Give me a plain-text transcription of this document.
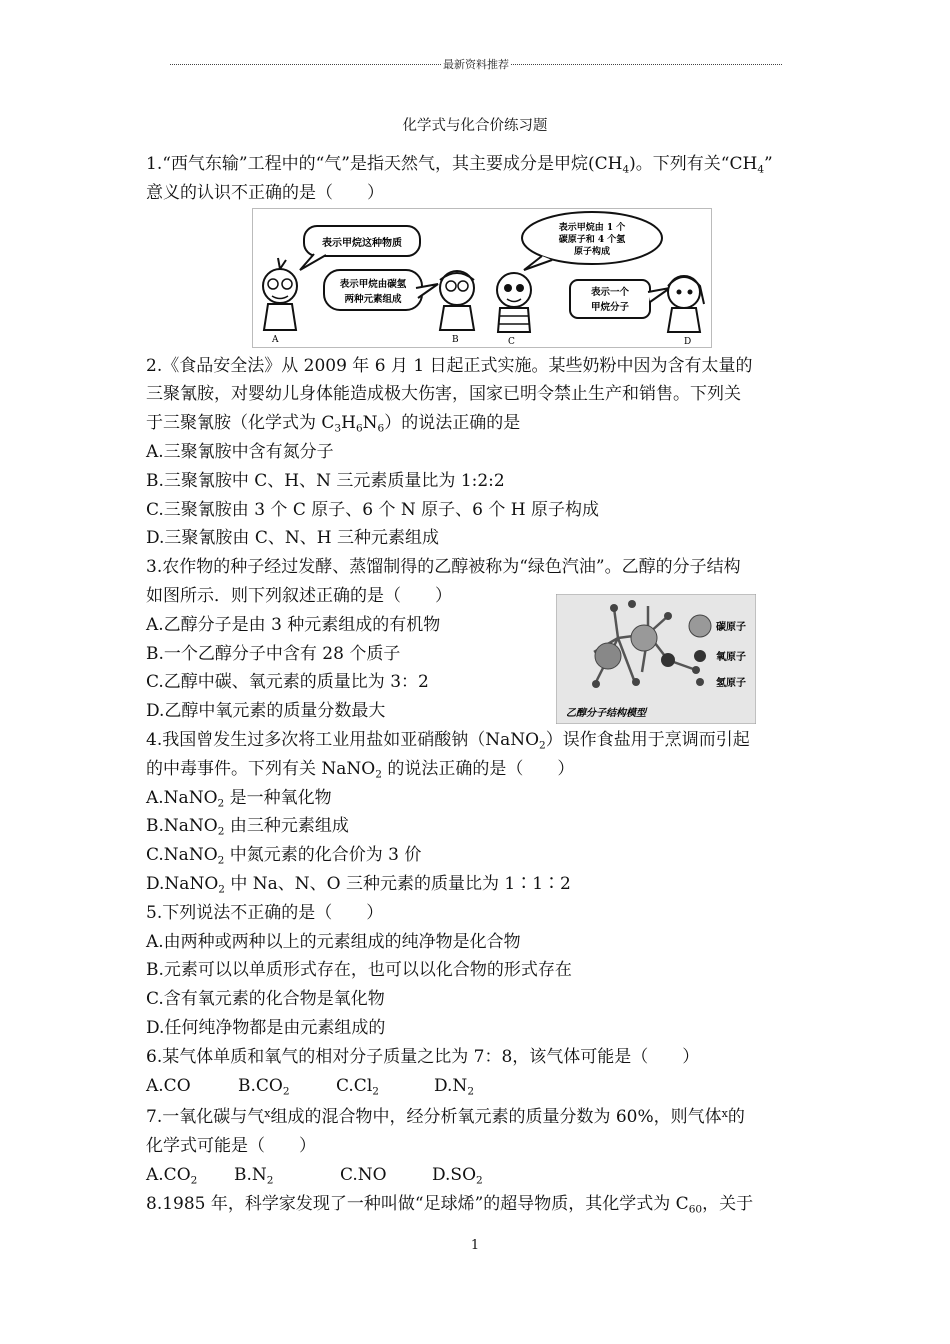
最新资料推荐
化学式与化合价练习题

1.“西气东输”工程中的“气”是指天然气，其主要成分是甲烷$(CH_4)$。下列有关“$CH_4$”

意义的认识不正确的是（　　）

表示甲烷这种物质
A
表示甲烷由碳氢
两种元素组成
B
表示甲烷由 1 个
碳原子和 4 个氢
原子构成
C
表示一个
甲烷分子
D

2.《食品安全法》从 2009 年 6 月 1 日起正式实施。某些奶粉中因为含有太量的

三聚氰胺，对婴幼儿身体能造成极大伤害，国家已明令禁止生产和销售。下列关

于三聚氰胺（化学式为 $C_3H_6N_6$）的说法正确的是

A.三聚氰胺中含有氮分子

B.三聚氰胺中 C、H、N 三元素质量比为 1:2:2

C.三聚氰胺由 3 个 C 原子、6 个 N 原子、6 个 H 原子构成

D.三聚氰胺由 C、N、H 三种元素组成

3.农作物的种子经过发酵、蒸馏制得的乙醇被称为“绿色汽油”。乙醇的分子结构

如图所示．则下列叙述正确的是（　　）

A.乙醇分子是由 3 种元素组成的有机物

B.一个乙醇分子中含有 28 个质子

C.乙醇中碳、氧元素的质量比为 3：2

D.乙醇中氧元素的质量分数最大

碳原子
氧原子
氢原子
乙醇分子结构模型

4.我国曾发生过多次将工业用盐如亚硝酸钠（NaNO$_2$）误作食盐用于烹调而引起

的中毒事件。下列有关 NaNO$_2$ 的说法正确的是（　　）

A.NaNO$_2$ 是一种氧化物

B.NaNO$_2$ 由三种元素组成

C.NaNO$_2$ 中氮元素的化合价为 3 价

D.NaNO$_2$ 中 Na、N、O 三种元素的质量比为 1∶1∶2

5.下列说法不正确的是（　　）

A.由两种或两种以上的元素组成的纯净物是化合物

B.元素可以以单质形式存在，也可以以化合物的形式存在

C.含有氧元素的化合物是氧化物

D.任何纯净物都是由元素组成的

6.某气体单质和氧气的相对分子质量之比为 7：8，该气体可能是（　　）

A.CO	$B.CO_2$	$C.Cl_2$	$D.N_2$

7.一氧化碳与气$^x$组成的混合物中，经分析氧元素的质量分数为 60%，则气体$^x$的

化学式可能是（　　）

$A.CO_2$ $B.N_2$	C.NO	$D.SO_2$

8.1985 年，科学家发现了一种叫做“足球烯”的超导物质，其化学式为 $C_{60}$，关于

1
